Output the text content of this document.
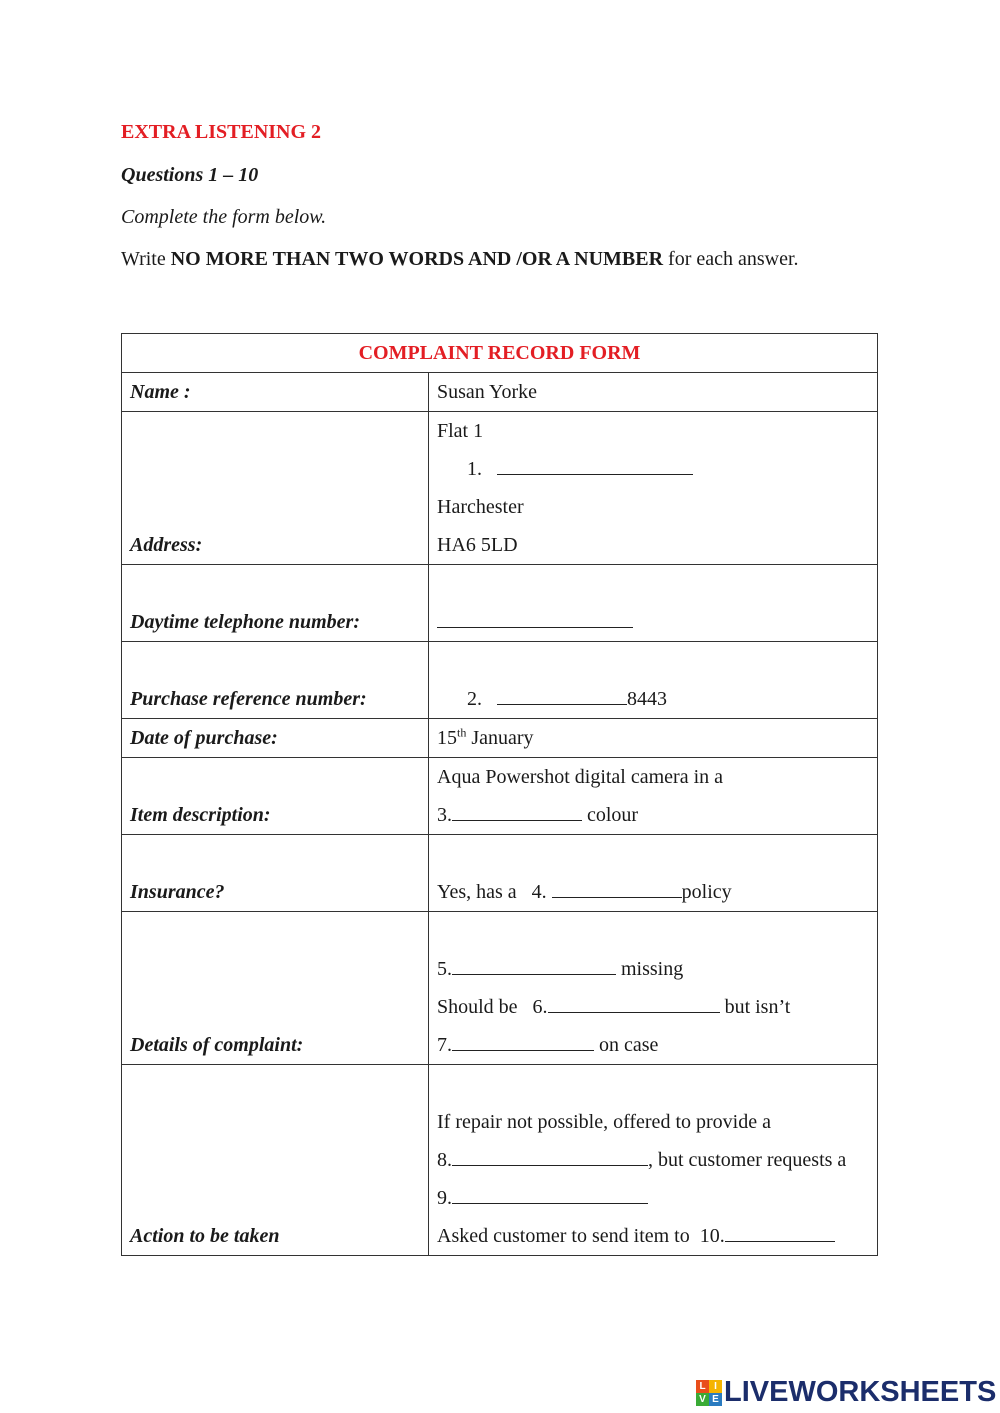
EXTRA LISTENING 2
Questions 1 – 10
Complete the form below.
Write NO MORE THAN TWO WORDS AND /OR A NUMBER for each answer.
COMPLAINT RECORD FORM	
Name :	Susan Yorke
Address:	Flat 1
1.
Harchester
HA6 5LD

Daytime telephone number:	

Purchase reference number:	2. 8443

Date of purchase:	15th January

Item description:	Aqua Powershot digital camera in a
3. colour

Insurance?	Yes, has a   4. policy

Details of complaint:	5. missing
Should be   6. but isn’t
7. on case

Action to be taken	If repair not possible, offered to provide a
8. , but customer requests a
9.
Asked customer to send item to  10.
L I
V E LIVEWORKSHEETS
